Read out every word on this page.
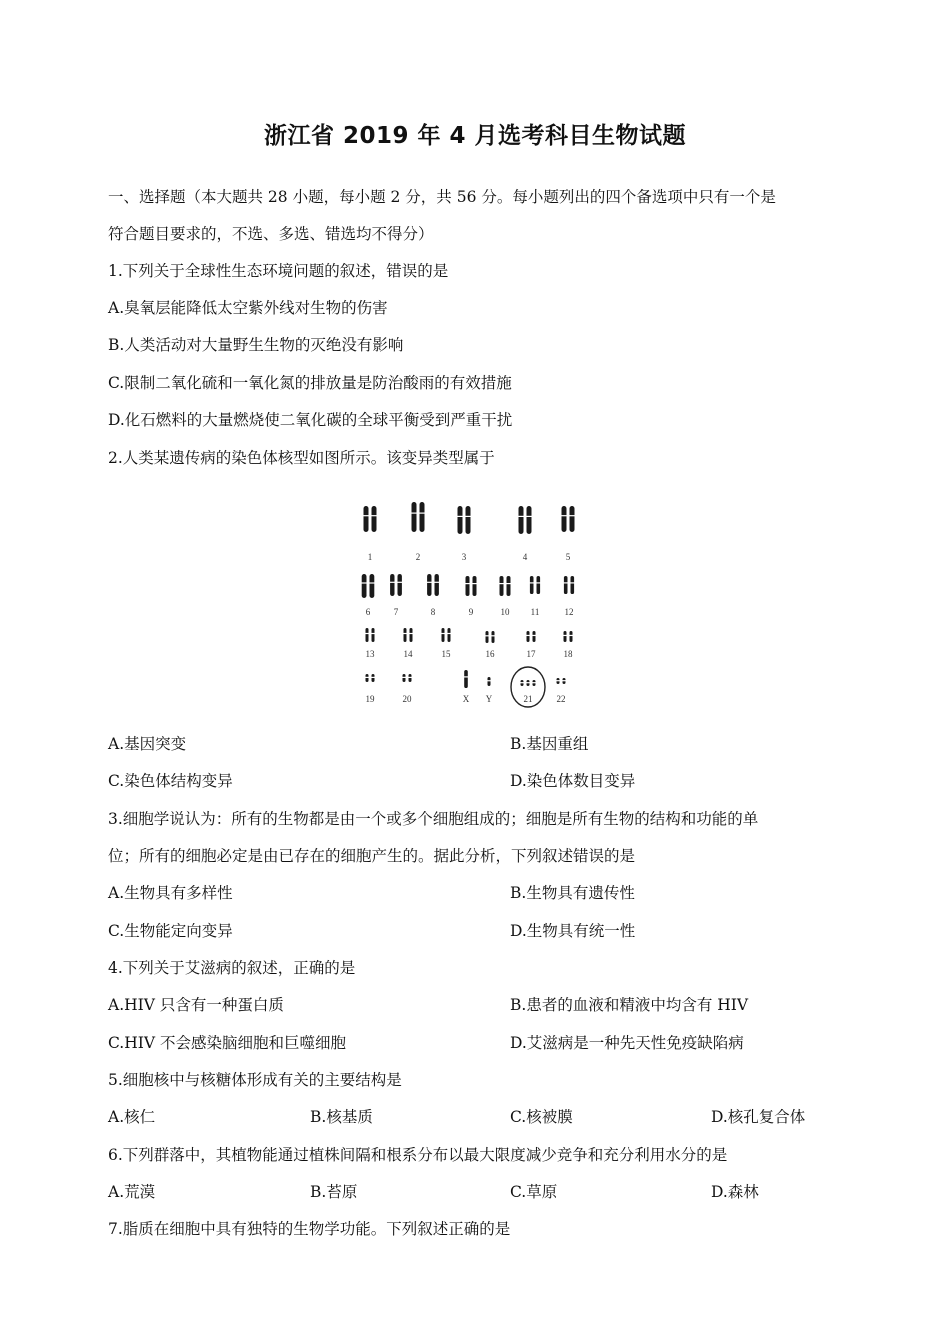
浙江省 2019 年 4 月选考科目生物试题
一、选择题（本大题共 28 小题，每小题 2 分，共 56 分。每小题列出的四个备选项中只有一个是
符合题目要求的，不选、多选、错选均不得分）
1.下列关于全球性生态环境问题的叙述，错误的是
A.臭氧层能降低太空紫外线对生物的伤害
B.人类活动对大量野生生物的灭绝没有影响
C.限制二氧化硫和一氧化氮的排放量是防治酸雨的有效措施
D.化石燃料的大量燃烧使二氧化碳的全球平衡受到严重干扰
2.人类某遗传病的染色体核型如图所示。该变异类型属于
1	2	3	4	5
6	7	8	9	10 11	12
13	14	15	16	17	18
19	20	X Y	21	22
A.基因突变	B.基因重组
C.染色体结构变异	D.染色体数目变异
3.细胞学说认为：所有的生物都是由一个或多个细胞组成的；细胞是所有生物的结构和功能的单
位；所有的细胞必定是由已存在的细胞产生的。据此分析，下列叙述错误的是
A.生物具有多样性	B.生物具有遗传性
C.生物能定向变异	D.生物具有统一性
4.下列关于艾滋病的叙述，正确的是
A.HIV 只含有一种蛋白质	B.患者的血液和精液中均含有 HIV
C.HIV 不会感染脑细胞和巨噬细胞	D.艾滋病是一种先天性免疫缺陷病
5.细胞核中与核糖体形成有关的主要结构是
A.核仁	B.核基质	C.核被膜	D.核孔复合体
6.下列群落中，其植物能通过植株间隔和根系分布以最大限度减少竞争和充分利用水分的是
A.荒漠	B.苔原	C.草原	D.森林
7.脂质在细胞中具有独特的生物学功能。下列叙述正确的是
